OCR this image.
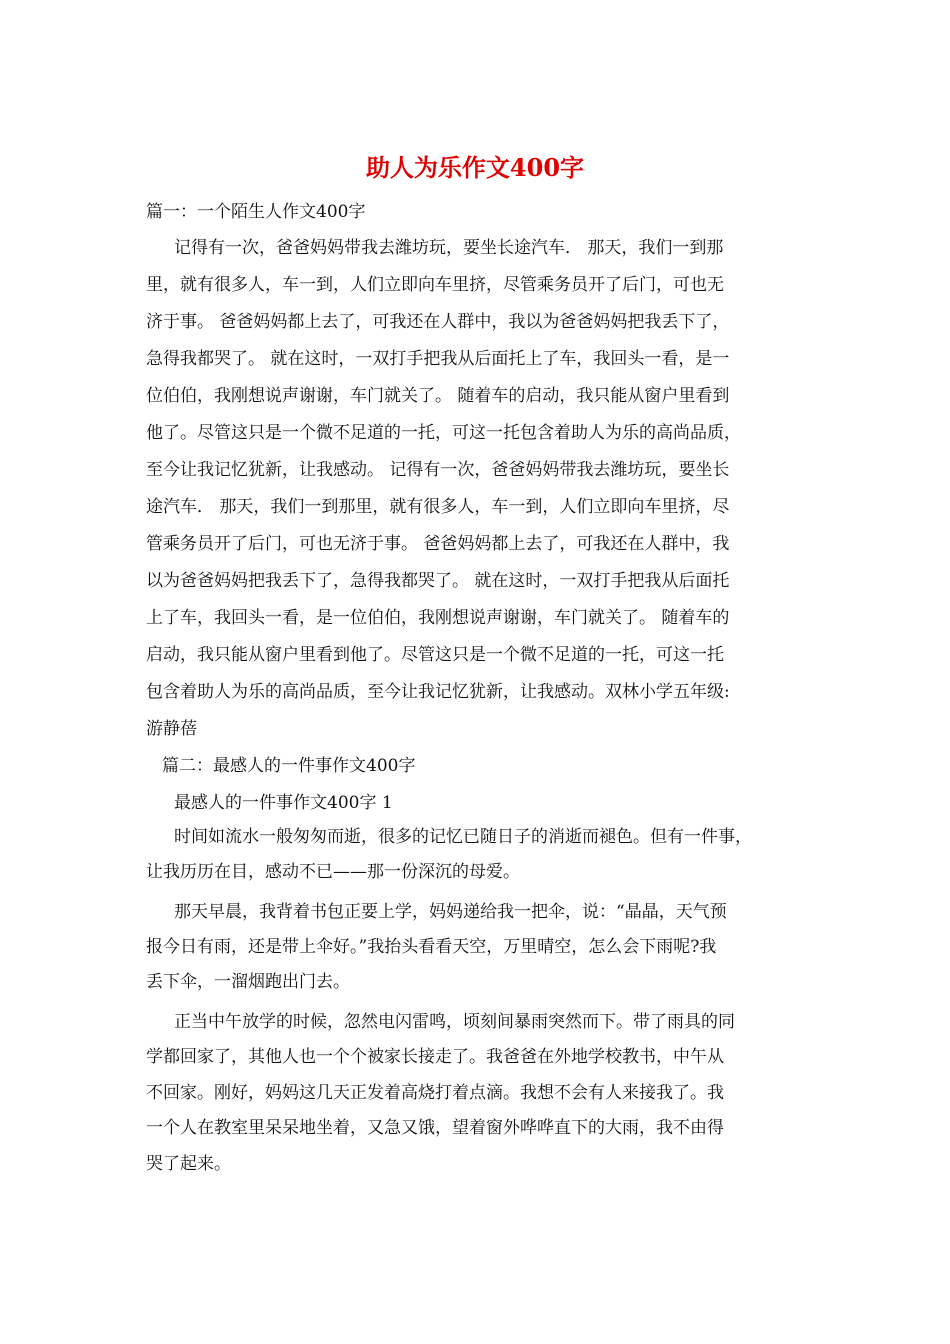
助人为乐作文400字

篇一：一个陌生人作文400字

记得有一次，爸爸妈妈带我去潍坊玩，要坐长途汽车． 那天，我们一到那

里，就有很多人，车一到，人们立即向车里挤，尽管乘务员开了后门，可也无

济于事。 爸爸妈妈都上去了，可我还在人群中，我以为爸爸妈妈把我丢下了，

急得我都哭了。 就在这时，一双打手把我从后面托上了车，我回头一看，是一

位伯伯，我刚想说声谢谢，车门就关了。 随着车的启动，我只能从窗户里看到

他了。尽管这只是一个微不足道的一托，可这一托包含着助人为乐的高尚品质，

至今让我记忆犹新，让我感动。 记得有一次，爸爸妈妈带我去潍坊玩，要坐长

途汽车． 那天，我们一到那里，就有很多人，车一到，人们立即向车里挤，尽

管乘务员开了后门，可也无济于事。 爸爸妈妈都上去了，可我还在人群中，我

以为爸爸妈妈把我丢下了，急得我都哭了。 就在这时，一双打手把我从后面托

上了车，我回头一看，是一位伯伯，我刚想说声谢谢，车门就关了。 随着车的

启动，我只能从窗户里看到他了。尽管这只是一个微不足道的一托，可这一托

包含着助人为乐的高尚品质，至今让我记忆犹新，让我感动。双林小学五年级:

游静蓓

篇二：最感人的一件事作文400字

最感人的一件事作文400字 1

时间如流水一般匆匆而逝，很多的记忆已随日子的消逝而褪色。但有一件事，

让我历历在目，感动不已——那一份深沉的母爱。

那天早晨，我背着书包正要上学，妈妈递给我一把伞，说：“晶晶，天气预

报今日有雨，还是带上伞好。”我抬头看看天空，万里晴空，怎么会下雨呢?我

丢下伞，一溜烟跑出门去。

正当中午放学的时候，忽然电闪雷鸣，顷刻间暴雨突然而下。带了雨具的同

学都回家了，其他人也一个个被家长接走了。我爸爸在外地学校教书，中午从

不回家。刚好，妈妈这几天正发着高烧打着点滴。我想不会有人来接我了。我

一个人在教室里呆呆地坐着，又急又饿，望着窗外哗哗直下的大雨，我不由得

哭了起来。
